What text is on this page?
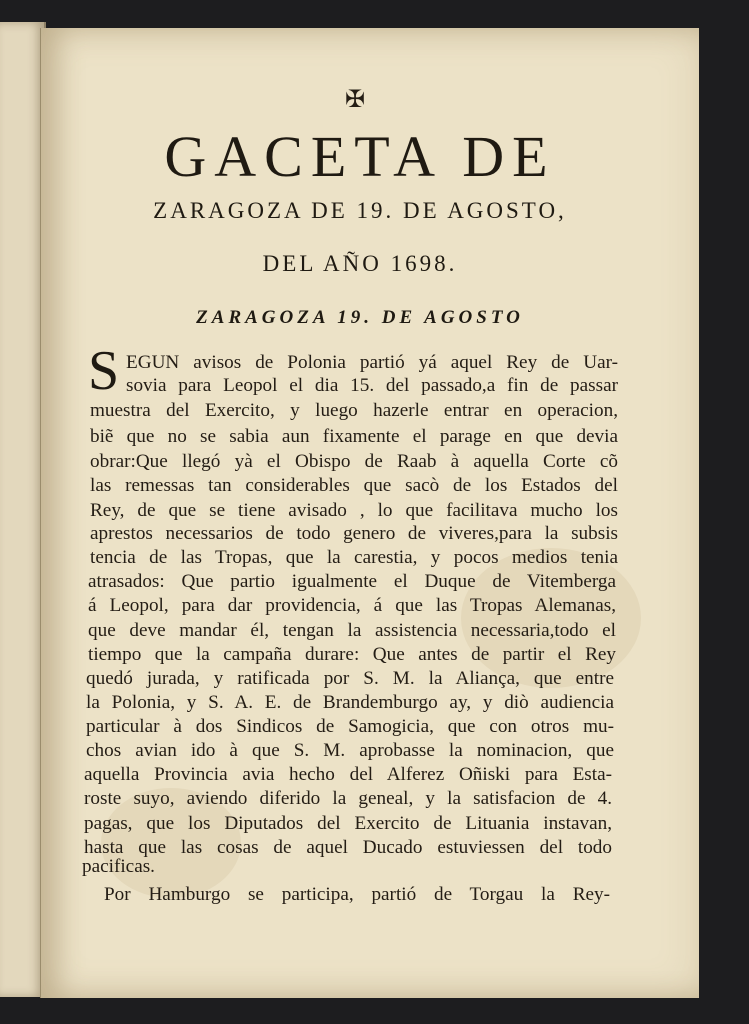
✠
GACETA DE
ZARAGOZA DE 19. DE AGOSTO,
DEL AÑO 1698.
ZARAGOZA 19. DE AGOSTO
S EGUN avisos de Polonia partió yá aquel Rey de Uar-
sovia para Leopol el dia 15. del passado,a fin de passar
muestra del Exercito, y luego hazerle entrar en operacion,
biẽ que no se sabia aun fixamente el parage en que devia
obrar:Que llegó yà el Obispo de Raab à aquella Corte cõ
las remessas tan considerables que sacò de los Estados del
Rey, de que se tiene avisado , lo que facilitava mucho los
aprestos necessarios de todo genero de viveres,para la subsis
tencia de las Tropas, que la carestia, y pocos medios tenia
atrasados: Que partio igualmente el Duque de Vitemberga
á Leopol, para dar providencia, á que las Tropas Alemanas,
que deve mandar él, tengan la assistencia necessaria,todo el
tiempo que la campaña durare: Que antes de partir el Rey
quedó jurada, y ratificada por S. M. la Aliança, que entre
la Polonia, y S. A. E. de Brandemburgo ay, y diò audiencia
particular à dos Sindicos de Samogicia, que con otros mu-
chos avian ido à que S. M. aprobasse la nominacion, que
aquella Provincia avia hecho del Alferez Oñiski para Esta-
roste suyo, aviendo diferido la geneal, y la satisfacion de 4.
pagas, que los Diputados del Exercito de Lituania instavan,
hasta que las cosas de aquel Ducado estuviessen del todo
pacificas.
Por Hamburgo se participa, partió de Torgau la Rey-
